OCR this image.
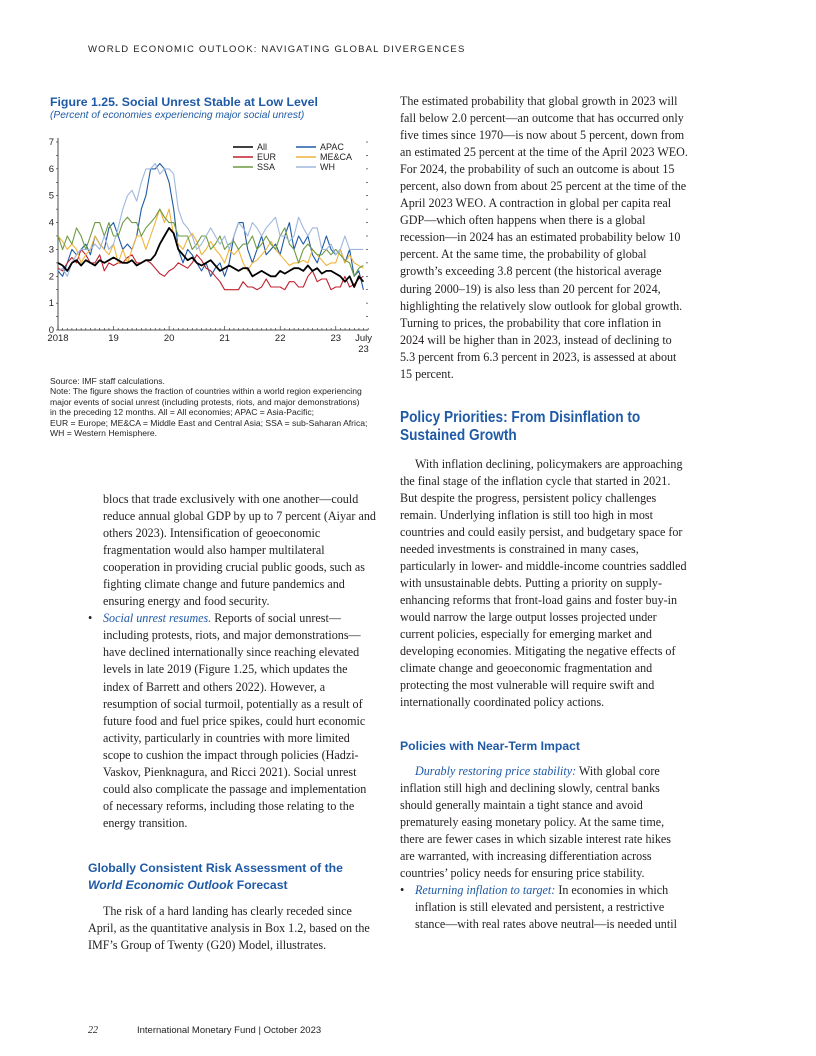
WORLD ECONOMIC OUTLOOK: NAVIGATING GLOBAL DIVERGENCES
Figure 1.25. Social Unrest Stable at Low Level
(Percent of economies experiencing major social unrest)
0
1
2
3
4
5
6
7
2018	19	20	21	22	23 July
23
All
EUR
SSA
APAC
ME&CA
WH

Source: IMF staff calculations.

Note: The figure shows the fraction of countries within a world region experiencing

major events of social unrest (including protests, riots, and major demonstrations)

in the preceding 12 months. All = All economies; APAC = Asia-Pacific;

EUR = Europe; ME&CA = Middle East and Central Asia; SSA = sub-Saharan Africa;

WH = Western Hemisphere.

blocs that trade exclusively with one another—could reduce annual global GDP by up to 7 percent (Aiyar and others 2023). Intensification of geoeconomic fragmentation would also hamper multilateral cooperation in providing crucial public goods, such as fighting climate change and future pandemics and ensuring energy and food security.

• Social unrest resumes. Reports of social unrest—including protests, riots, and major demonstrations—have declined internationally since reaching elevated levels in late 2019 (Figure 1.25, which updates the index of Barrett and others 2022). However, a resumption of social turmoil, potentially as a result of future food and fuel price spikes, could hurt economic activity, particularly in countries with more limited scope to cushion the impact through policies (Hadzi-Vaskov, Pienknagura, and Ricci 2021). Social unrest could also complicate the passage and implementation of necessary reforms, including those relating to the energy transition.

Globally Consistent Risk Assessment of the World Economic Outlook Forecast

The risk of a hard landing has clearly receded since April, as the quantitative analysis in Box 1.2, based on the IMF’s Group of Twenty (G20) Model, illustrates.

The estimated probability that global growth in 2023 will fall below 2.0 percent—an outcome that has occurred only five times since 1970—is now about 5 percent, down from an estimated 25 percent at the time of the April 2023 WEO. For 2024, the probability of such an outcome is about 15 percent, also down from about 25 percent at the time of the April 2023 WEO. A contraction in global per capita real GDP—which often happens when there is a global recession—in 2024 has an estimated probability below 10 percent. At the same time, the probability of global growth’s exceeding 3.8 percent (the historical average during 2000–19) is also less than 20 percent for 2024, highlighting the relatively slow outlook for global growth. Turning to prices, the probability that core inflation in 2024 will be higher than in 2023, instead of declining to 5.3 percent from 6.3 percent in 2023, is assessed at about 15 percent.

Policy Priorities: From Disinflation to Sustained Growth

With inflation declining, policymakers are approaching the final stage of the inflation cycle that started in 2021. But despite the progress, persistent policy challenges remain. Underlying inflation is still too high in most countries and could easily persist, and budgetary space for needed investments is constrained in many cases, particularly in lower- and middle-income countries saddled with unsustainable debts. Putting a priority on supply-enhancing reforms that front-load gains and foster buy-in would narrow the large output losses projected under current policies, especially for emerging market and developing economies. Mitigating the negative effects of climate change and geoeconomic fragmentation and protecting the most vulnerable will require swift and internationally coordinated policy actions.

Policies with Near-Term Impact

Durably restoring price stability: With global core inflation still high and declining slowly, central banks should generally maintain a tight stance and avoid prematurely easing monetary policy. At the same time, there are fewer cases in which sizable interest rate hikes are warranted, with increasing differentiation across countries’ policy needs for ensuring price stability.

• Returning inflation to target: In economies in which inflation is still elevated and persistent, a restrictive stance—with real rates above neutral—is needed until

22	International Monetary Fund | October 2023
